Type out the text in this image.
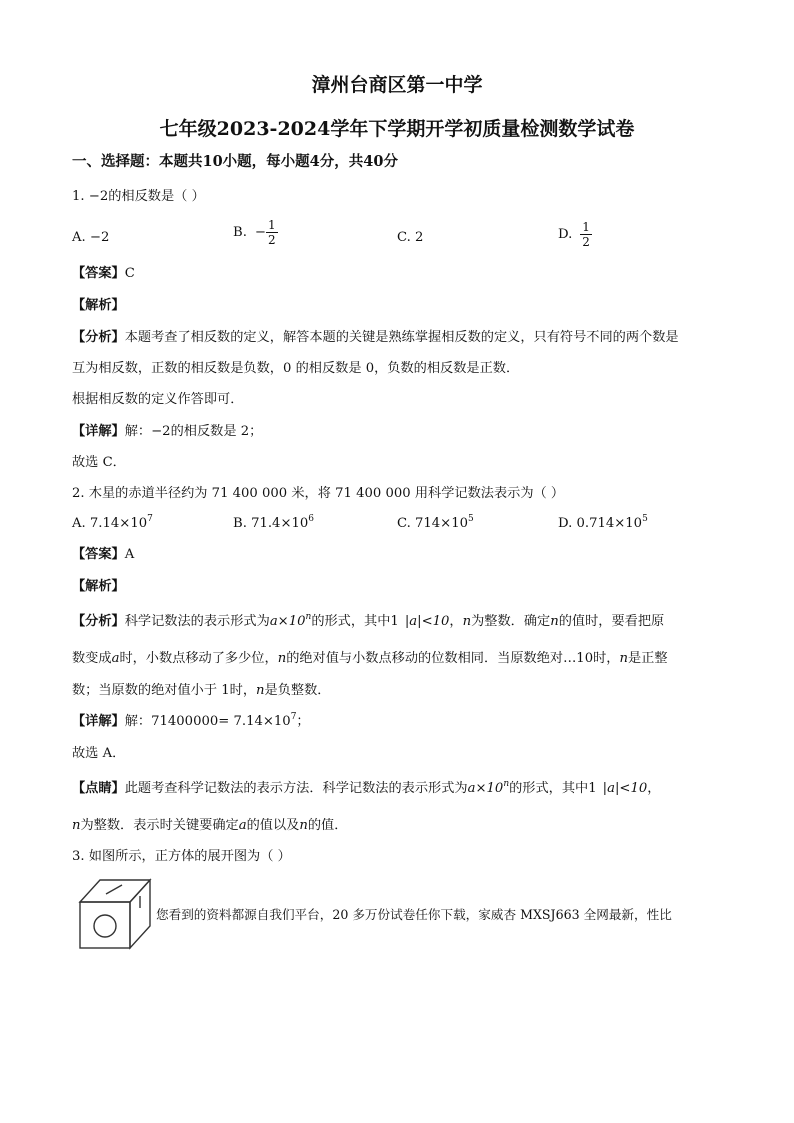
漳州台商区第一中学
七年级2023-2024学年下学期开学初质量检测数学试卷
一、选择题：本题共10小题，每小题4分，共40分
1. −2的相反数是（ ）
A. −2	B. − $\frac{1}{2}$	C. 2	D. $\frac{1}{2}$
【答案】C
【解析】
【分析】本题考查了相反数的定义，解答本题的关键是熟练掌握相反数的定义，只有符号不同的两个数是
互为相反数，正数的相反数是负数，0 的相反数是 0，负数的相反数是正数．
根据相反数的定义作答即可．
【详解】解：−2的相反数是 2；
故选 C．
2. 木星的赤道半径约为 71 400 000 米，将 71 400 000 用科学记数法表示为（ ）
A. $7.14\times 10^7$	B. $71.4\times 10^6$	C. $714\times 10^5$	D. $0.714\times 10^5$
【答案】A
【解析】
【分析】科学记数法的表示形式为$a\times 10^n$的形式，其中1 |a|<10，n为整数．确定n的值时，要看把原
数变成a时，小数点移动了多少位，n的绝对值与小数点移动的位数相同．当原数绝对…10时，n是正整
数；当原数的绝对值小于 1时，n是负整数．
【详解】解：$71400000= 7.14\times 10^7$；
故选 A．
【点睛】此题考查科学记数法的表示方法．科学记数法的表示形式为$a\times 10^n$的形式，其中1 |a|<10，
n为整数．表示时关键要确定a的值以及n的值．
3. 如图所示，正方体的展开图为（ ）
您看到的资料都源自我们平台，20 多万份试卷任你下载，家威杏 MXSJ663 全网最新，性比
